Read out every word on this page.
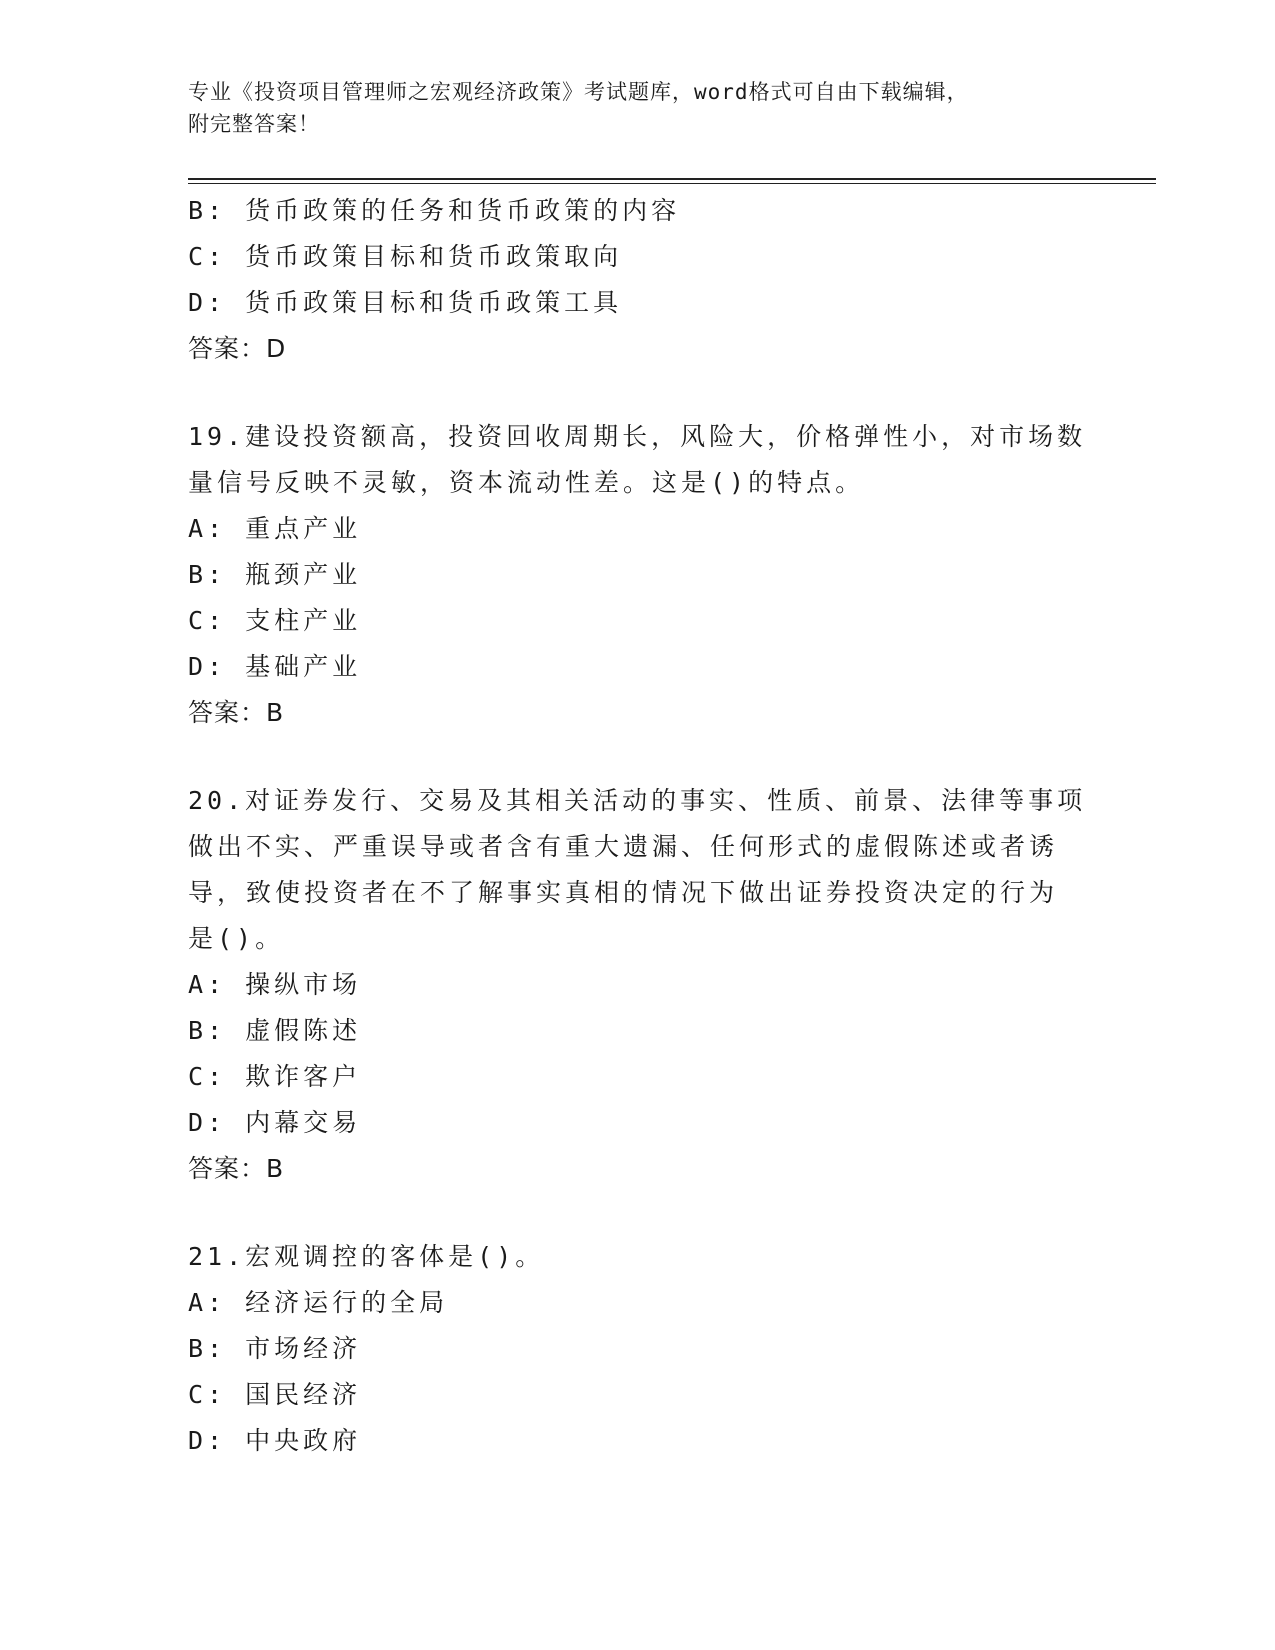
专业《投资项目管理师之宏观经济政策》考试题库，word格式可自由下载编辑，
附完整答案！
B: 货币政策的任务和货币政策的内容
C: 货币政策目标和货币政策取向
D: 货币政策目标和货币政策工具
答案：D
19.建设投资额高，投资回收周期长，风险大，价格弹性小，对市场数
量信号反映不灵敏，资本流动性差。这是()的特点。
A: 重点产业
B: 瓶颈产业
C: 支柱产业
D: 基础产业
答案：B
20.对证券发行、交易及其相关活动的事实、性质、前景、法律等事项
做出不实、严重误导或者含有重大遗漏、任何形式的虚假陈述或者诱
导，致使投资者在不了解事实真相的情况下做出证券投资决定的行为
是()。
A: 操纵市场
B: 虚假陈述
C: 欺诈客户
D: 内幕交易
答案：B
21.宏观调控的客体是()。
A: 经济运行的全局
B: 市场经济
C: 国民经济
D: 中央政府
